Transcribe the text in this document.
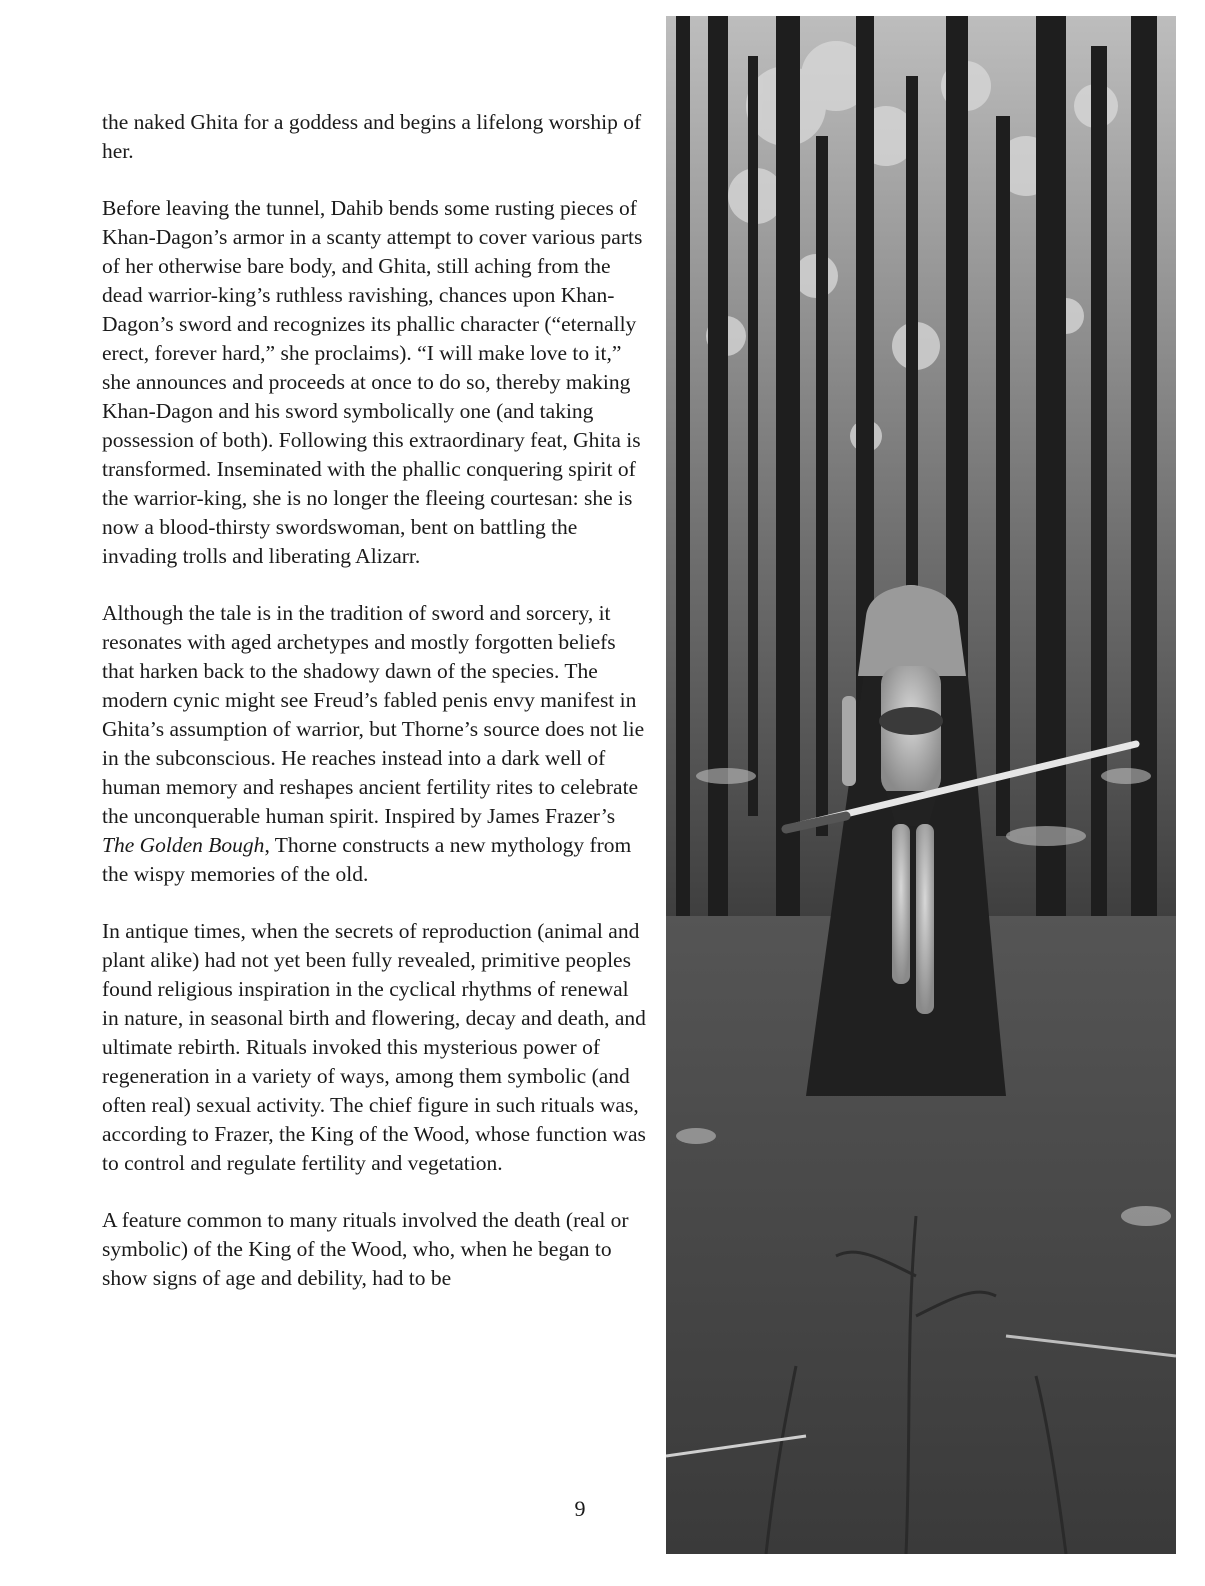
the naked Ghita for a goddess and begins a lifelong worship of her.

Before leaving the tunnel, Dahib bends some rusting pieces of Khan-Dagon’s armor in a scanty attempt to cover various parts of her otherwise bare body, and Ghita, still aching from the dead warrior-king’s ruthless ravishing, chances upon Khan-Dagon’s sword and recognizes its phallic character (“eternally erect, forever hard,” she proclaims). “I will make love to it,” she announces and proceeds at once to do so, thereby making Khan-Dagon and his sword symbolically one (and taking possession of both). Following this extraordinary feat, Ghita is transformed. Inseminated with the phallic conquering spirit of the warrior-king, she is no longer the fleeing courtesan: she is now a blood-thirsty swordswoman, bent on battling the invading trolls and liberating Alizarr.

Although the tale is in the tradition of sword and sorcery, it resonates with aged archetypes and mostly forgotten beliefs that harken back to the shadowy dawn of the species. The modern cynic might see Freud’s fabled penis envy manifest in Ghita’s assumption of warrior, but Thorne’s source does not lie in the subconscious. He reaches instead into a dark well of human memory and reshapes ancient fertility rites to celebrate the unconquerable human spirit. Inspired by James Frazer’s The Golden Bough, Thorne constructs a new mythology from the wispy memories of the old.

In antique times, when the secrets of reproduction (animal and plant alike) had not yet been fully revealed, primitive peoples found religious inspiration in the cyclical rhythms of renewal in nature, in seasonal birth and flowering, decay and death, and ultimate rebirth. Rituals invoked this mysterious power of regeneration in a variety of ways, among them symbolic (and often real) sexual activity. The chief figure in such rituals was, according to Frazer, the King of the Wood, whose function was to control and regulate fertility and vegetation.

A feature common to many rituals involved the death (real or symbolic) of the King of the Wood, who, when he began to show signs of age and debility, had to be

9
